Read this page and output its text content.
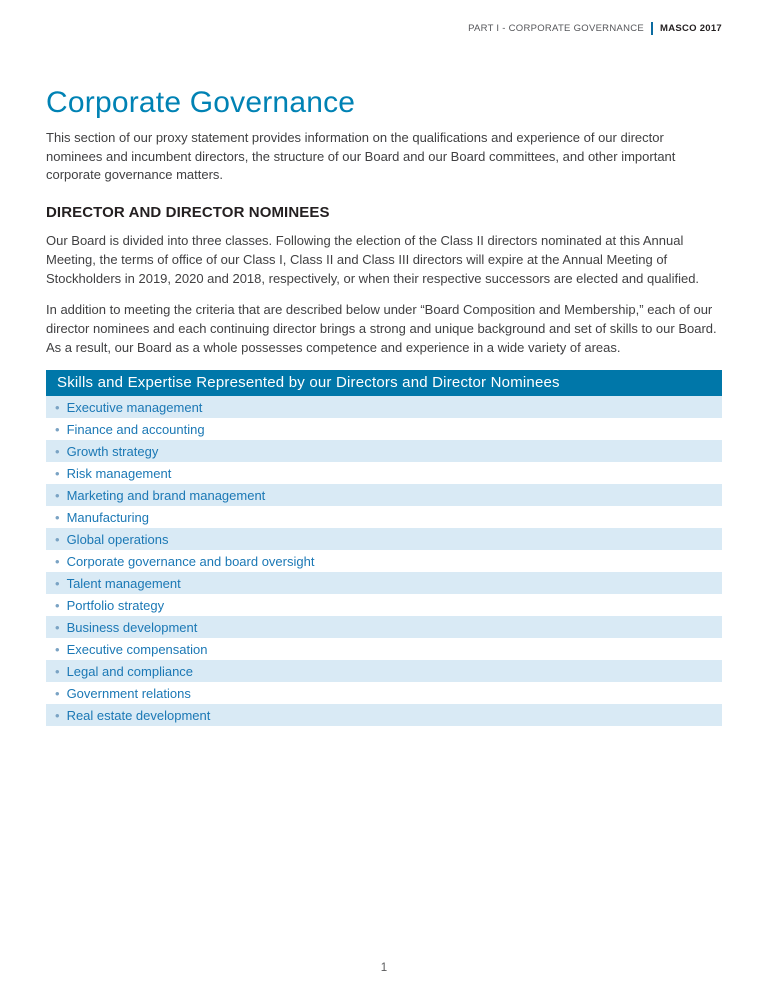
PART I - CORPORATE GOVERNANCE MASCO 2017
Corporate Governance

This section of our proxy statement provides information on the qualifications and experience of our director nominees and incumbent directors, the structure of our Board and our Board committees, and other important corporate governance matters.

DIRECTOR AND DIRECTOR NOMINEES

Our Board is divided into three classes. Following the election of the Class II directors nominated at this Annual Meeting, the terms of office of our Class I, Class II and Class III directors will expire at the Annual Meeting of Stockholders in 2019, 2020 and 2018, respectively, or when their respective successors are elected and qualified.

In addition to meeting the criteria that are described below under “Board Composition and Membership,” each of our director nominees and each continuing director brings a strong and unique background and set of skills to our Board. As a result, our Board as a whole possesses competence and experience in a wide variety of areas.

Skills and Expertise Represented by our Directors and Director Nominees
• Executive management
• Finance and accounting
• Growth strategy
• Risk management
• Marketing and brand management
• Manufacturing
• Global operations
• Corporate governance and board oversight
• Talent management
• Portfolio strategy
• Business development
• Executive compensation
• Legal and compliance
• Government relations
• Real estate development
1
